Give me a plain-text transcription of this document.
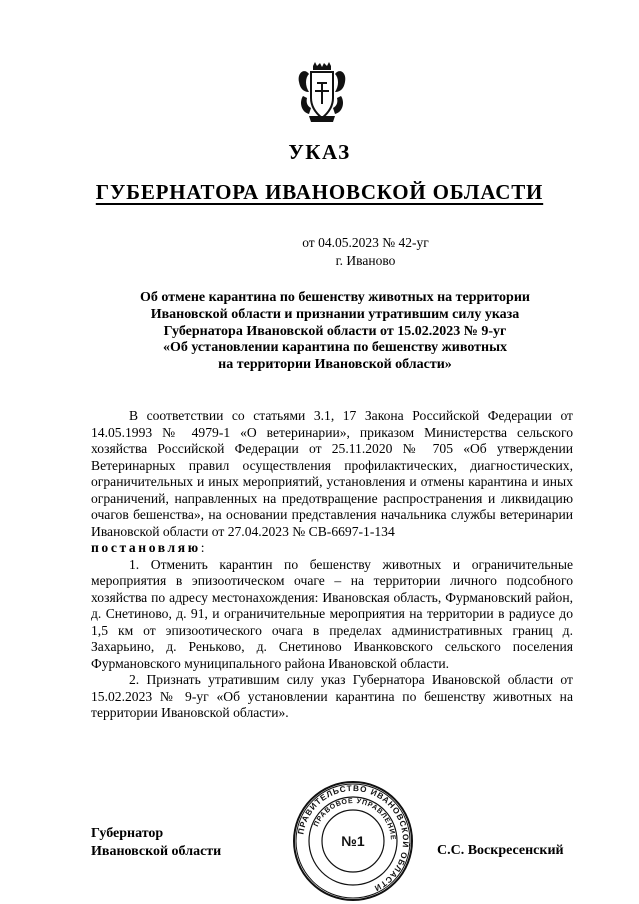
УКАЗ
ГУБЕРНАТОРА ИВАНОВСКОЙ ОБЛАСТИ
от 04.05.2023 № 42-уг
г. Иваново
Об отмене карантина по бешенству животных на территории
Ивановской области и признании утратившим силу указа
Губернатора Ивановской области от 15.02.2023 № 9-уг
«Об установлении карантина по бешенству животных
на территории Ивановской области»

В соответствии со статьями 3.1, 17 Закона Российской Федерации от 14.05.1993 № 4979-1 «О ветеринарии», приказом Министерства сельского хозяйства Российской Федерации от 25.11.2020 № 705 «Об утверждении Ветеринарных правил осуществления профилактических, диагностических, ограничительных и иных мероприятий, установления и отмены карантина и иных ограничений, направленных на предотвращение распространения и ликвидацию очагов бешенства», на основании представления начальника службы ветеринарии Ивановской области от 27.04.2023 № СВ-6697-1-134

постановляю:

1. Отменить карантин по бешенству животных и ограничительные мероприятия в эпизоотическом очаге – на территории личного подсобного хозяйства по адресу местонахождения: Ивановская область, Фурмановский район, д. Снетиново, д. 91, и ограничительные мероприятия на территории в радиусе до 1,5 км от эпизоотического очага в пределах административных границ д. Захарьино, д. Реньково, д. Снетиново Иванковского сельского поселения Фурмановского муниципального района Ивановской области.

2. Признать утратившим силу указ Губернатора Ивановской области от 15.02.2023 № 9-уг «Об установлении карантина по бешенству животных на территории Ивановской области».

Губернатор
Ивановской области	С.С. Воскресенский
ПРАВИТЕЛЬСТВО ИВАНОВСКОЙ ОБЛАСТИ
ПРАВОВОЕ УПРАВЛЕНИЕ
№1
